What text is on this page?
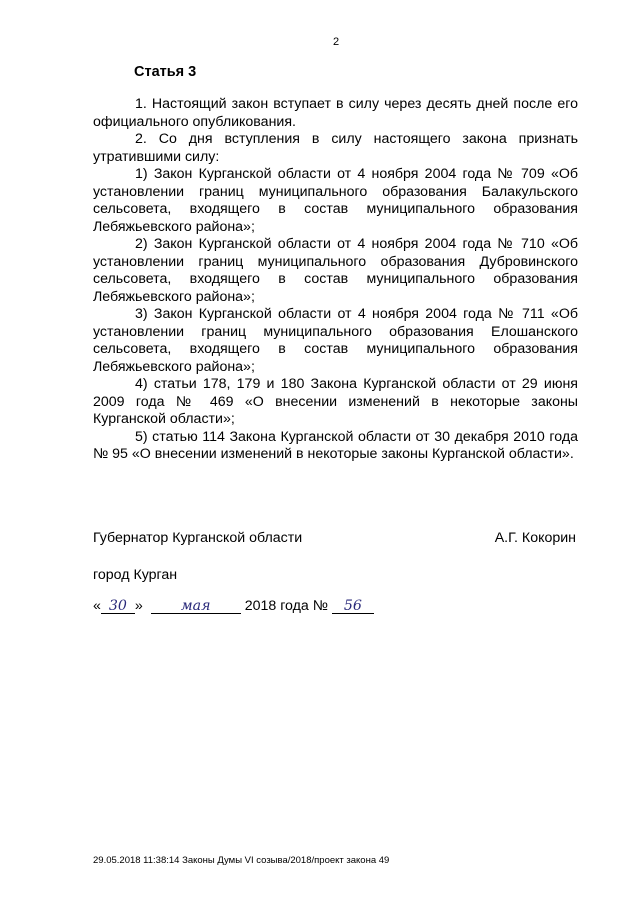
2
Статья 3

1. Настоящий закон вступает в силу через десять дней после его официального опубликования.

2. Со дня вступления в силу настоящего закона признать утратившими силу:

1) Закон Курганской области от 4 ноября 2004 года № 709 «Об установлении границ муниципального образования Балакульского сельсовета, входящего в состав муниципального образования Лебяжьевского района»;

2) Закон Курганской области от 4 ноября 2004 года № 710 «Об установлении границ муниципального образования Дубровинского сельсовета, входящего в состав муниципального образования Лебяжьевского района»;

3) Закон Курганской области от 4 ноября 2004 года № 711 «Об установлении границ муниципального образования Елошанского сельсовета, входящего в состав муниципального образования Лебяжьевского района»;

4) статьи 178, 179 и 180 Закона Курганской области от 29 июня 2009 года № 469 «О внесении изменений в некоторые законы Курганской области»;

5) статью 114 Закона Курганской области от 30 декабря 2010 года № 95 «О внесении изменений в некоторые законы Курганской области».

Губернатор Курганской области	А.Г. Кокорин
город Курган
« 30 »	мая 2018 года № 56
29.05.2018 11:38:14 Законы Думы VI созыва/2018/проект закона 49
